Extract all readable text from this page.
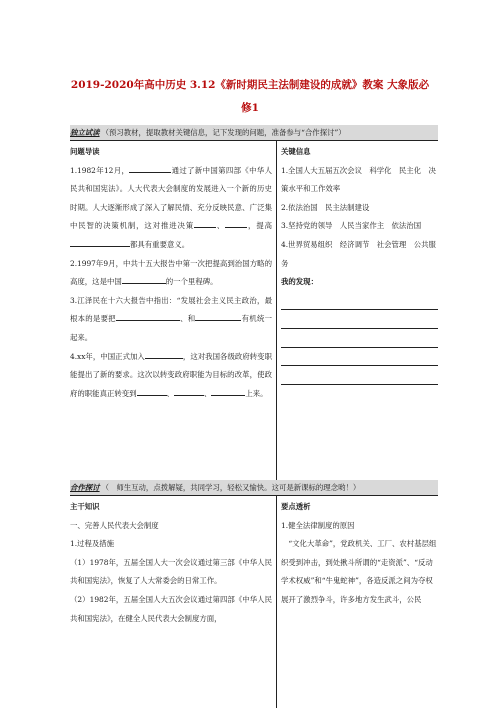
2019-2020年高中历史 3.12《新时期民主法制建设的成就》教案 大象版必
修1
独立试读 （预习教材，提取教材关键信息，记下发现的问题，准备参与“合作探讨”）
问题导读

1.1982年12月，	通过了新中国第四部《中华人民共和国宪法》。人大代表大会制度的发展进入一个新的历史时期。人大逐渐形成了深入了解民情、充分反映民意、广泛集中民智的决策机制，这对推进决策	、	，提高都具有重要意义。

2.1997年9月，中共十五大报告中第一次把提高到治国方略的高度，这是中国	的一个里程碑。

3.江泽民在十六大报告中指出：“发展社会主义民主政治，最根本的是要把	、和	有机统一起来。

4.xx年，中国正式加入	，这对我国各级政府转变职能提出了新的要求。这次以转变政府职能为目标的改革，使政府的职能真正转变到	、	、	上来。

关键信息

1.全国人大五届五次会议　科学化　民主化　决策水平和工作效率

2.依法治国　民主法制建设

3.坚持党的领导　人民当家作主　依法治国

4.世界贸易组织　经济调节　社会管理　公共服务

我的发现：
合作探讨 （　师生互动，点拨解疑，共同学习，轻松又愉快。这可是新课标的理念哟！）
主干知识

一、完善人民代表大会制度

1.过程及措施

（1）1978年，五届全国人大一次会议通过第三部《中华人民共和国宪法》，恢复了人大常委会的日常工作。

（2）1982年，五届全国人大五次会议通过第四部《中华人民共和国宪法》，在健全人民代表大会制度方面，

要点透析

1.健全法律制度的原因

“文化大革命”，党政机关、工厂、农村基层组织受到冲击，到处揪斗所谓的“走资派”、“反动学术权威”和“牛鬼蛇神”，各造反派之间为夺权展开了激烈争斗，许多地方发生武斗，公民
